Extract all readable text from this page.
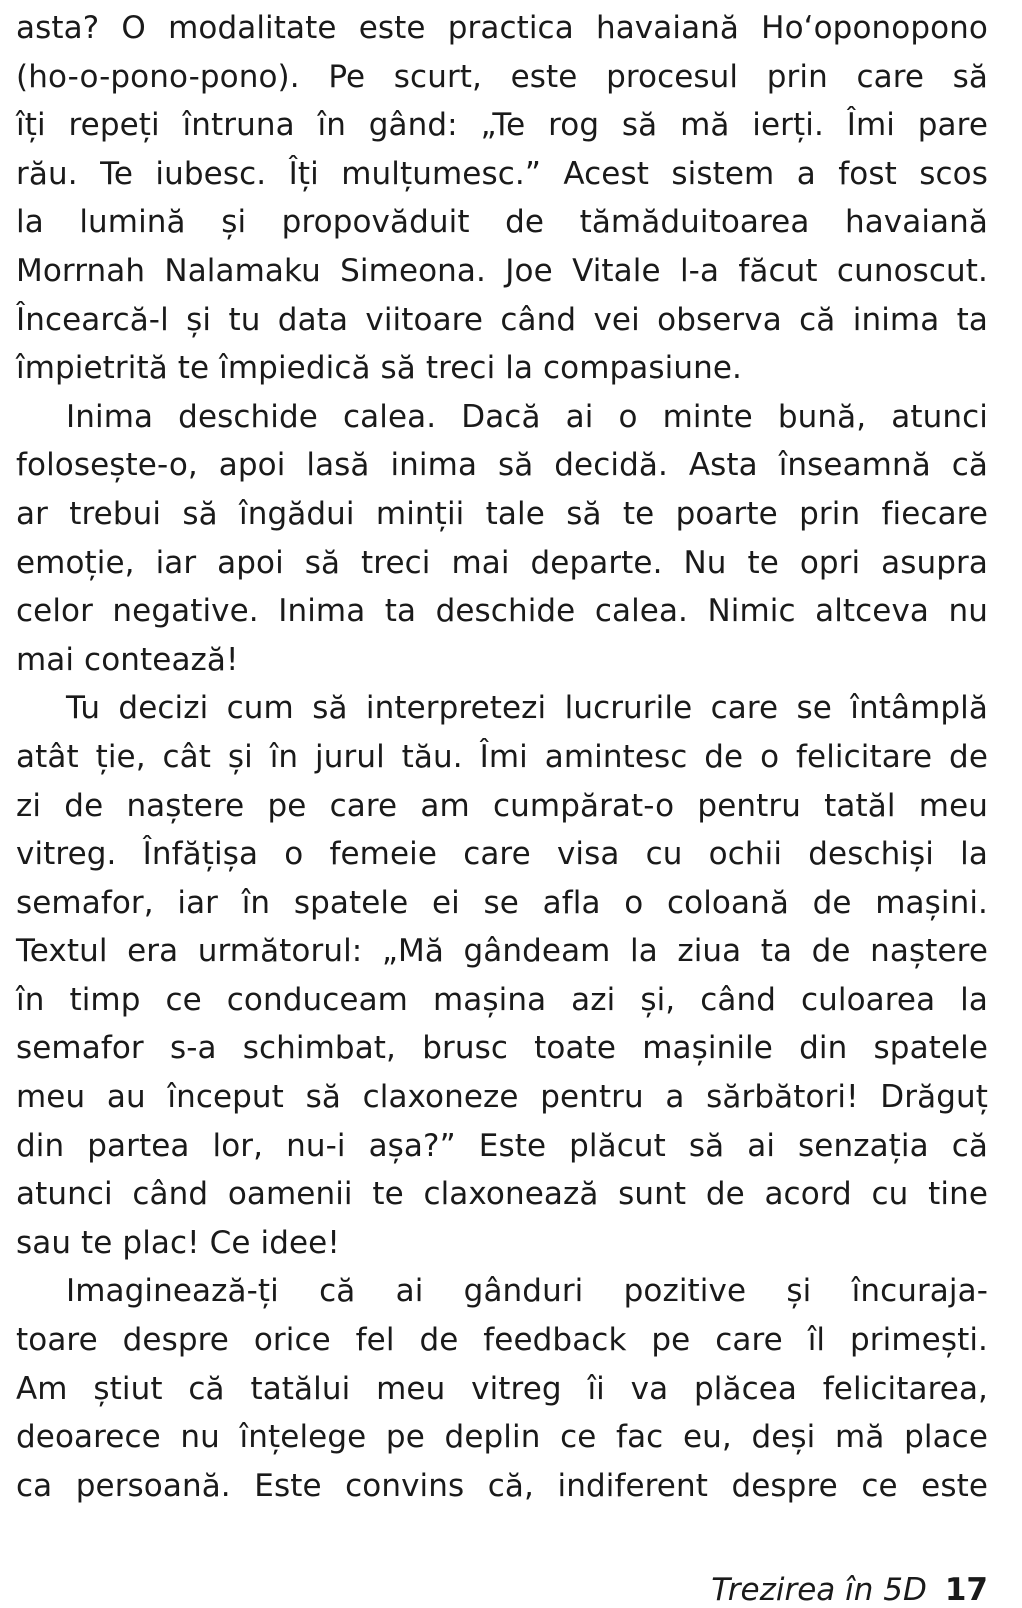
asta? O modalitate este practica havaiană Hoʻoponopono
(ho-o-pono-pono). Pe scurt, este procesul prin care să
îți repeți întruna în gând: „Te rog să mă ierți. Îmi pare
rău. Te iubesc. Îți mulțumesc.” Acest sistem a fost scos
la lumină și propovăduit de tămăduitoarea havaiană
Morrnah Nalamaku Simeona. Joe Vitale l-a făcut cunoscut.
Încearcă-l și tu data viitoare când vei observa că inima ta
împietrită te împiedică să treci la compasiune.
Inima deschide calea. Dacă ai o minte bună, atunci
folosește-o, apoi lasă inima să decidă. Asta înseamnă că
ar trebui să îngădui minții tale să te poarte prin fiecare
emoție, iar apoi să treci mai departe. Nu te opri asupra
celor negative. Inima ta deschide calea. Nimic altceva nu
mai contează!
Tu decizi cum să interpretezi lucrurile care se întâmplă
atât ție, cât și în jurul tău. Îmi amintesc de o felicitare de
zi de naștere pe care am cumpărat-o pentru tatăl meu
vitreg. Înfățișa o femeie care visa cu ochii deschiși la
semafor, iar în spatele ei se afla o coloană de mașini.
Textul era următorul: „Mă gândeam la ziua ta de naștere
în timp ce conduceam mașina azi și, când culoarea la
semafor s-a schimbat, brusc toate mașinile din spatele
meu au început să claxoneze pentru a sărbători! Drăguț
din partea lor, nu-i așa?” Este plăcut să ai senzația că
atunci când oamenii te claxonează sunt de acord cu tine
sau te plac! Ce idee!
Imaginează-ți că ai gânduri pozitive și încuraja-
toare despre orice fel de feedback pe care îl primești.
Am știut că tatălui meu vitreg îi va plăcea felicitarea,
deoarece nu înțelege pe deplin ce fac eu, deși mă place
ca persoană. Este convins că, indiferent despre ce este
Trezirea în 5D 17
